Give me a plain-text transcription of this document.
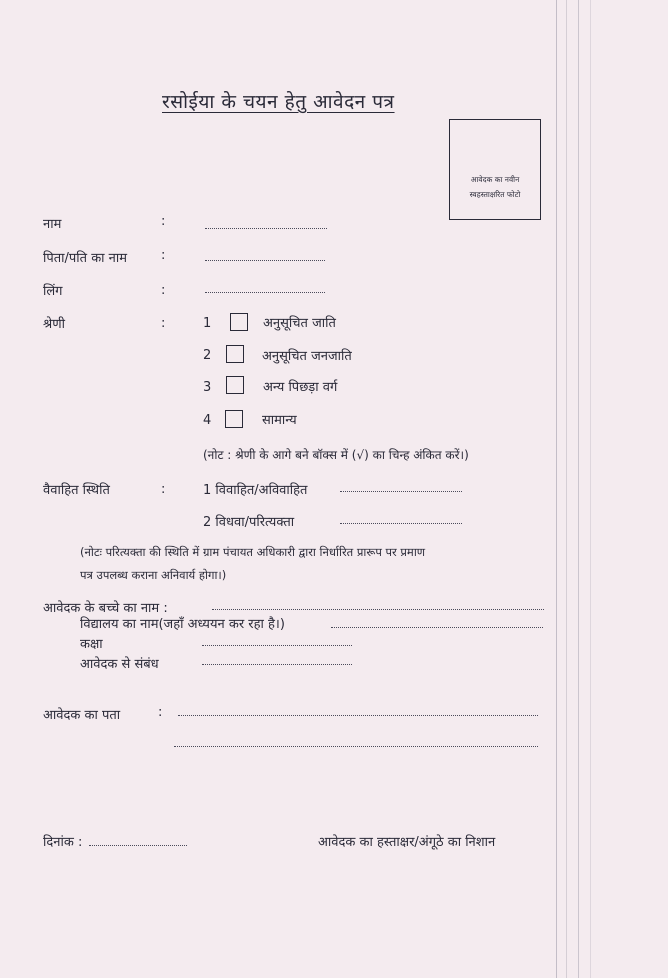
रसोईया के चयन हेतु आवेदन पत्र
आवेदक का नवीन
स्वहस्ताक्षरित फोटो
नाम	:
पिता/पति का नाम	:
लिंग	:
श्रेणी	:	1	अनुसूचित जाति
2	अनुसूचित जनजाति
3	अन्य पिछड़ा वर्ग
4	सामान्य
(नोट : श्रेणी के आगे बने बॉक्स में (√) का चिन्ह अंकित करें।)
वैवाहित स्थिति	:	1 विवाहित/अविवाहित
2 विधवा/परित्यक्ता
(नोटः परित्यक्ता की स्थिति में ग्राम पंचायत अधिकारी द्वारा निर्धारित प्रारूप पर प्रमाण
पत्र उपलब्ध कराना अनिवार्य होगा।)
आवेदक के बच्चे का नाम :
विद्यालय का नाम(जहाँ अध्ययन कर रहा है।)
कक्षा
आवेदक से संबंध
आवेदक का पता	:
दिनांक :	आवेदक का हस्ताक्षर/अंगूठे का निशान
